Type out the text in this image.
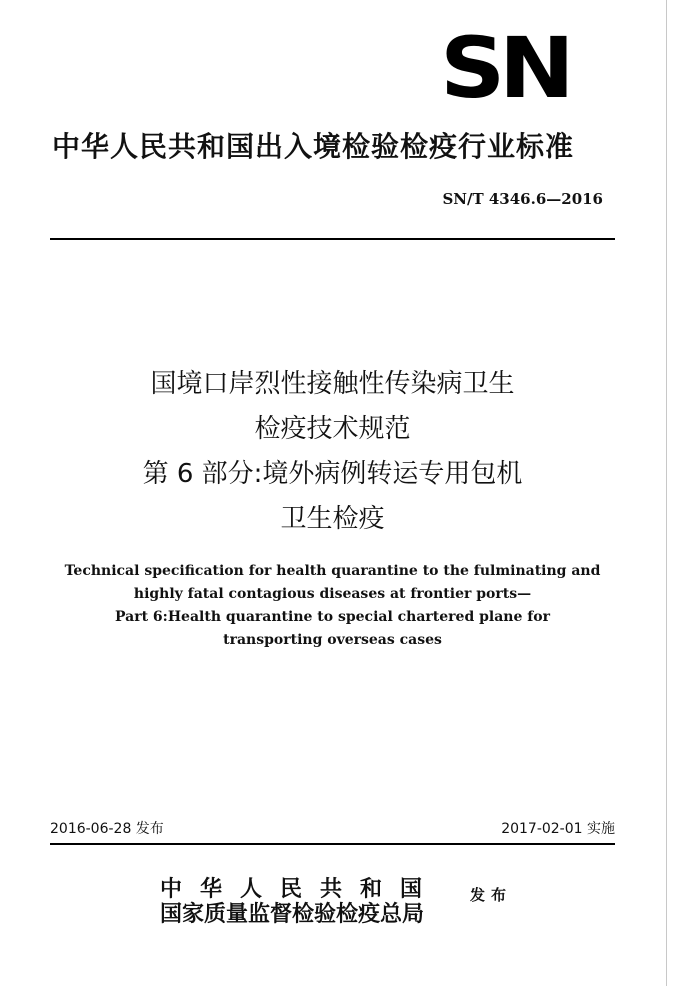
SN
中华人民共和国出入境检验检疫行业标准
SN/T 4346.6—2016
国境口岸烈性接触性传染病卫生
检疫技术规范
第 6 部分:境外病例转运专用包机
卫生检疫
Technical specification for health quarantine to the fulminating and
highly fatal contagious diseases at frontier ports—
Part 6:Health quarantine to special chartered plane for
transporting overseas cases
2016-06-28 发布	2017-02-01 实施
中华人民共和国
国家质量监督检验检疫总局
发布
